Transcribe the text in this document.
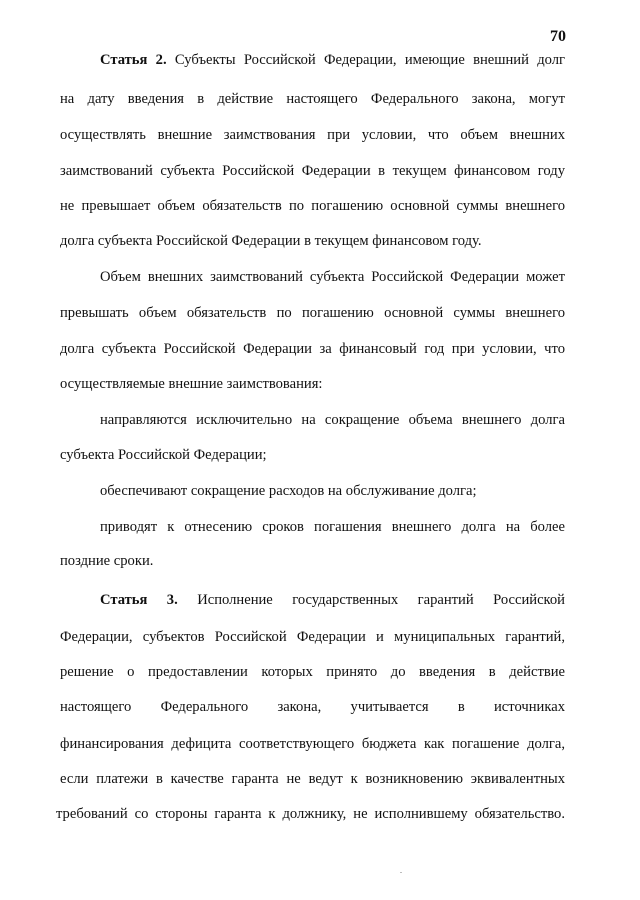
70
Статья 2. Субъекты Российской Федерации, имеющие внешний долг
на дату введения в действие настоящего Федерального закона, могут
осуществлять внешние заимствования при условии, что объем внешних
заимствований субъекта Российской Федерации в текущем финансовом году
не превышает объем обязательств по погашению основной суммы внешнего
долга субъекта Российской Федерации в текущем финансовом году.
Объем внешних заимствований субъекта Российской Федерации может
превышать объем обязательств по погашению основной суммы внешнего
долга субъекта Российской Федерации за финансовый год при условии, что
осуществляемые внешние заимствования:
направляются исключительно на сокращение объема внешнего долга
субъекта Российской Федерации;
обеспечивают сокращение расходов на обслуживание долга;
приводят к отнесению сроков погашения внешнего долга на более
поздние сроки.
Статья 3. Исполнение государственных гарантий Российской
Федерации, субъектов Российской Федерации и муниципальных гарантий,
решение о предоставлении которых принято до введения в действие
настоящего Федерального закона, учитывается в источниках
финансирования дефицита соответствующего бюджета как погашение долга,
если платежи в качестве гаранта не ведут к возникновению эквивалентных
требований со стороны гаранта к должнику, не исполнившему обязательство.
